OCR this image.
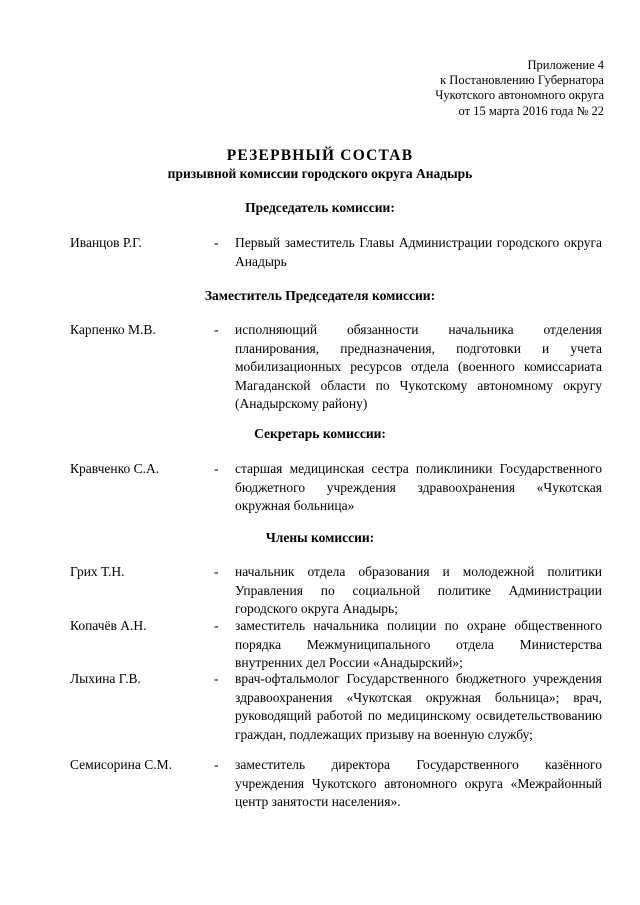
Приложение 4
к Постановлению Губернатора
Чукотского автономного округа
от 15 марта 2016 года № 22
РЕЗЕРВНЫЙ СОСТАВ
призывной комиссии городского округа Анадырь
Председатель комиссии:
Иванцов Р.Г.	- Первый заместитель Главы Администрации городского округа Анадырь
Заместитель Председателя комиссии:
Карпенко М.В.	- исполняющий обязанности начальника отделения планирования, предназначения, подготовки и учета мобилизационных ресурсов отдела (военного комиссариата Магаданской области по Чукотскому автономному округу (Анадырскому району)
Секретарь комиссии:
Кравченко С.А.	- старшая медицинская сестра поликлиники Государственного бюджетного учреждения здравоохранения «Чукотская окружная больница»
Члены комиссии:
Грих Т.Н.	- начальник отдела образования и молодежной политики Управления по социальной политике Администрации городского округа Анадырь;
Копачёв А.Н.	- заместитель начальника полиции по охране общественного порядка Межмуниципального отдела Министерства внутренних дел России «Анадырский»;
Лыхина Г.В.	- врач-офтальмолог Государственного бюджетного учреждения здравоохранения «Чукотская окружная больница»; врач, руководящий работой по медицинскому освидетельствованию граждан, подлежащих призыву на военную службу;
Семисорина С.М.	- заместитель директора Государственного казённого учреждения Чукотского автономного округа «Межрайонный центр занятости населения».
